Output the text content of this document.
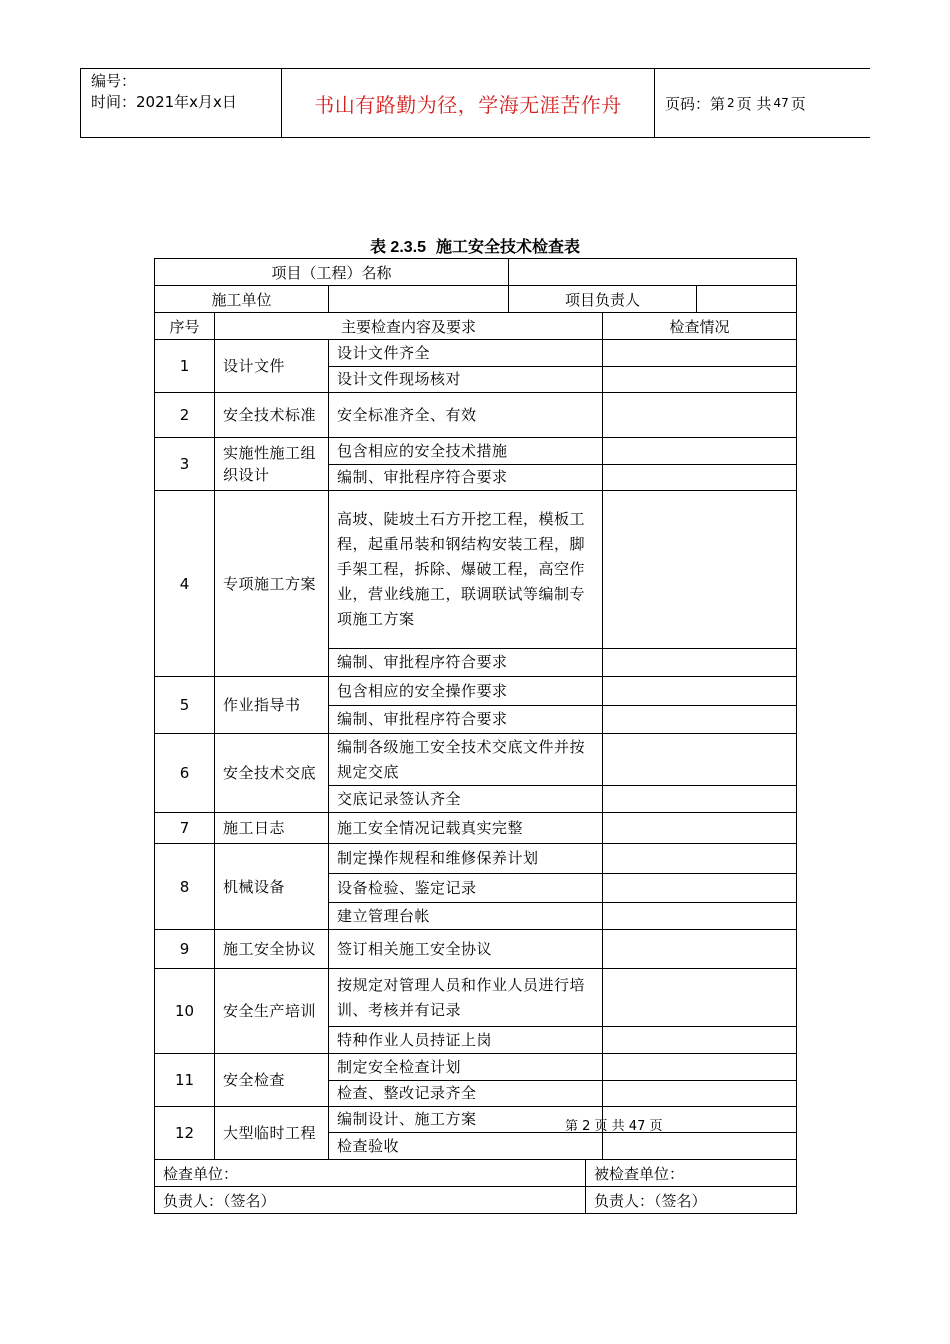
编号：
时间：2021年x月x日	书山有路勤为径，学海无涯苦作舟	页码：第 2 页 共 47 页
表 2.3.5 施工安全技术检查表
项目（工程）名称						
施工单位			项目负责人			
序号	主要检查内容及要求				检查情况	
1	设计文件	设计文件齐全				
		设计文件现场核对				
2	安全技术标准	安全标准齐全、有效				
3	实施性施工组织设计	包含相应的安全技术措施				
		编制、审批程序符合要求				
4	专项施工方案	高坡、陡坡土石方开挖工程，模板工程，起重吊装和钢结构安装工程，脚手架工程，拆除、爆破工程，高空作业，营业线施工，联调联试等编制专项施工方案				
		编制、审批程序符合要求				
5	作业指导书	包含相应的安全操作要求				
		编制、审批程序符合要求				
6	安全技术交底	编制各级施工安全技术交底文件并按规定交底				
		交底记录签认齐全				
7	施工日志	施工安全情况记载真实完整				
8	机械设备	制定操作规程和维修保养计划				
		设备检验、鉴定记录				
		建立管理台帐				
9	施工安全协议	签订相关施工安全协议				
10	安全生产培训	按规定对管理人员和作业人员进行培训、考核并有记录				
		特种作业人员持证上岗				
11	安全检查	制定安全检查计划				
		检查、整改记录齐全				
12	大型临时工程	编制设计、施工方案				
		检查验收				
检查单位：				被检查单位：		
负责人：（签名）				负责人：（签名）		
第 2 页 共 47 页
